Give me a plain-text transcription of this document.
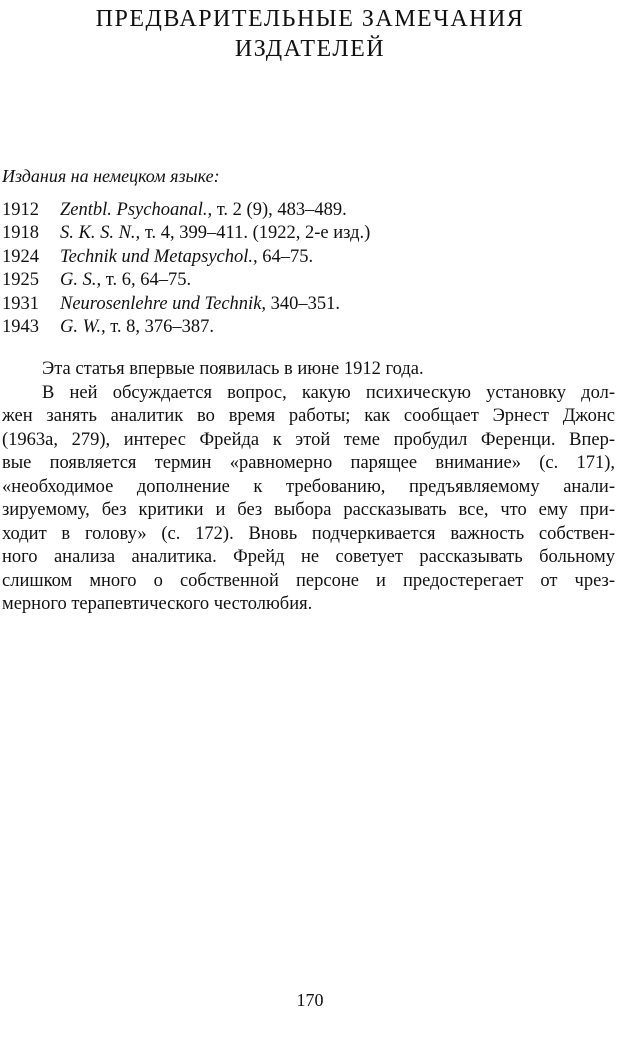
ПРЕДВАРИТЕЛЬНЫЕ ЗАМЕЧАНИЯ
ИЗДАТЕЛЕЙ
Издания на немецком языке:
1912 Zentbl. Psychoanal., т. 2 (9), 483–489.
1918 S. K. S. N., т. 4, 399–411. (1922, 2-е изд.)
1924 Technik und Metapsychol., 64–75.
1925 G. S., т. 6, 64–75.
1931 Neurosenlehre und Technik, 340–351.
1943 G. W., т. 8, 376–387.
Эта статья впервые появилась в июне 1912 года.
В ней обсуждается вопрос, какую психическую установку дол-
жен занять аналитик во время работы; как сообщает Эрнест Джонс
(1963а, 279), интерес Фрейда к этой теме пробудил Ференци. Впер-
вые появляется термин «равномерно парящее внимание» (с. 171),
«необходимое дополнение к требованию, предъявляемому анали-
зируемому, без критики и без выбора рассказывать все, что ему при-
ходит в голову» (с. 172). Вновь подчеркивается важность собствен-
ного анализа аналитика. Фрейд не советует рассказывать больному
слишком много о собственной персоне и предостерегает от чрез-
мерного терапевтического честолюбия.
170
